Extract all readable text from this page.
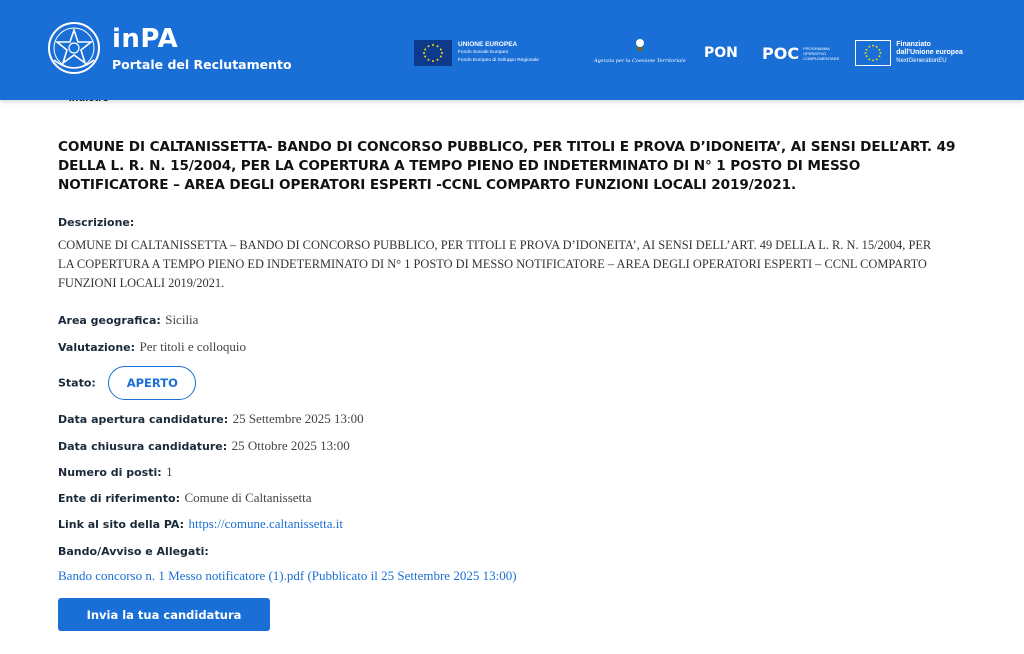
inPA
Portale del Reclutamento
UNIONE EUROPEA
Fondo Sociale Europeo
Fondo Europeo di Sviluppo Regionale	Agenzia per la Coesione Territoriale PON	POC PROGRAMMA
OPERATIVO
COMPLEMENTARE
Finanziato
dall'Unione europea
NextGenerationEU
COMUNE DI CALTANISSETTA- BANDO DI CONCORSO PUBBLICO, PER TITOLI E PROVA D’IDONEITA’, AI SENSI DELL’ART. 49 DELLA L. R. N. 15/2004, PER LA COPERTURA A TEMPO PIENO ED INDETERMINATO DI N° 1 POSTO DI MESSO NOTIFICATORE – AREA DEGLI OPERATORI ESPERTI -CCNL COMPARTO FUNZIONI LOCALI 2019/2021.
Descrizione:
COMUNE DI CALTANISSETTA – BANDO DI CONCORSO PUBBLICO, PER TITOLI E PROVA D’IDONEITA’, AI SENSI DELL’ART. 49 DELLA L. R. N. 15/2004, PER LA COPERTURA A TEMPO PIENO ED INDETERMINATO DI N° 1 POSTO DI MESSO NOTIFICATORE – AREA DEGLI OPERATORI ESPERTI – CCNL COMPARTO FUNZIONI LOCALI 2019/2021.
Area geografica: Sicilia
Valutazione: Per titoli e colloquio
Stato:	APERTO
Data apertura candidature: 25 Settembre 2025 13:00
Data chiusura candidature: 25 Ottobre 2025 13:00
Numero di posti: 1
Ente di riferimento: Comune di Caltanissetta
Link al sito della PA: https://comune.caltanissetta.it
Bando/Avviso e Allegati:
Bando concorso n. 1 Messo notificatore (1).pdf (Pubblicato il 25 Settembre 2025 13:00)
Invia la tua candidatura
